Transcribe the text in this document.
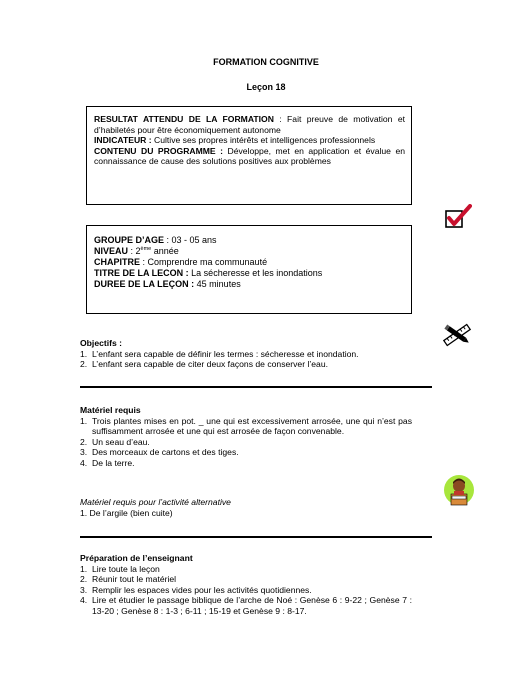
FORMATION COGNITIVE
Leçon 18
RESULTAT ATTENDU DE LA FORMATION : Fait preuve de motivation et d’habiletés pour être économiquement autonome
INDICATEUR : Cultive ses propres intérêts et intelligences professionnels
CONTENU DU PROGRAMME : Développe, met en application et évalue en connaissance de cause des solutions positives aux problèmes
GROUPE D’AGE : 03 - 05 ans
NIVEAU : 2ème année
CHAPITRE : Comprendre ma communauté
TITRE DE LA LECON : La sécheresse et les inondations
DUREE DE LA LEÇON : 45 minutes
Objectifs :
1. L’enfant sera capable de définir les termes : sécheresse et inondation.
2. L’enfant sera capable de citer deux façons de conserver l’eau.
Matériel requis
1. Trois plantes mises en pot. _ une qui est excessivement arrosée, une qui n’est pas suffisamment arrosée et une qui est arrosée de façon convenable.
2. Un seau d’eau.
3. Des morceaux de cartons et des tiges.
4. De la terre.
Matériel requis pour l’activité alternative
1. De l’argile (bien cuite)
Préparation de l’enseignant
1. Lire toute la leçon
2. Réunir tout le matériel
3. Remplir les espaces vides pour les activités quotidiennes.
4. Lire et étudier le passage biblique de l’arche de Noé : Genèse 6 : 9-22 ; Genèse 7 : 13-20 ; Genèse 8 : 1-3 ; 6-11 ; 15-19 et Genèse 9 : 8-17.
